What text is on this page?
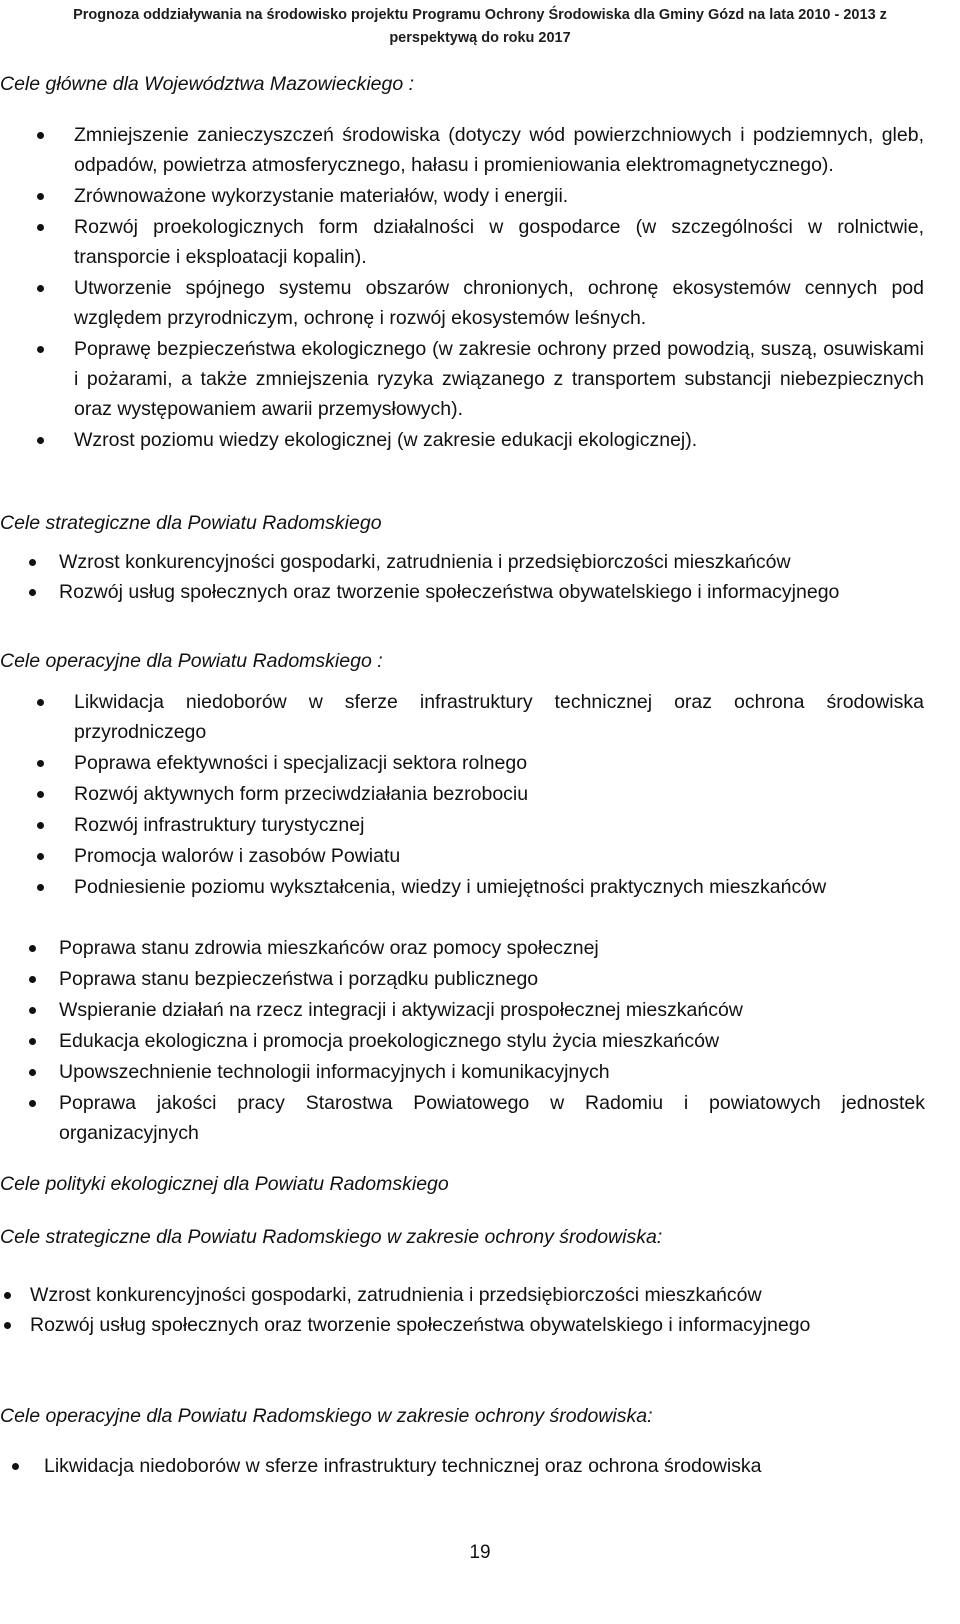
Prognoza oddziaływania na środowisko projektu Programu Ochrony Środowiska dla Gminy Gózd na lata 2010 - 2013 z
perspektywą do roku 2017
Cele główne dla Województwa Mazowieckiego :
Zmniejszenie zanieczyszczeń środowiska (dotyczy wód powierzchniowych i podziemnych, gleb, odpadów, powietrza atmosferycznego, hałasu i promieniowania elektromagnetycznego).
Zrównoważone wykorzystanie materiałów, wody i energii.
Rozwój proekologicznych form działalności w gospodarce (w szczególności w rolnictwie, transporcie i eksploatacji kopalin).
Utworzenie spójnego systemu obszarów chronionych, ochronę ekosystemów cennych pod względem przyrodniczym, ochronę i rozwój ekosystemów leśnych.
Poprawę bezpieczeństwa ekologicznego (w zakresie ochrony przed powodzią, suszą, osuwiskami i pożarami, a także zmniejszenia ryzyka związanego z transportem substancji niebezpiecznych oraz występowaniem awarii przemysłowych).
Wzrost poziomu wiedzy ekologicznej (w zakresie edukacji ekologicznej).
Cele strategiczne dla Powiatu Radomskiego
Wzrost konkurencyjności gospodarki, zatrudnienia i przedsiębiorczości mieszkańców
Rozwój usług społecznych oraz tworzenie społeczeństwa obywatelskiego i informacyjnego
Cele operacyjne dla Powiatu Radomskiego :
Likwidacja niedoborów w sferze infrastruktury technicznej oraz ochrona środowiska przyrodniczego
Poprawa efektywności i specjalizacji sektora rolnego
Rozwój aktywnych form przeciwdziałania bezrobociu
Rozwój infrastruktury turystycznej
Promocja walorów i zasobów Powiatu
Podniesienie poziomu wykształcenia, wiedzy i umiejętności praktycznych mieszkańców
Poprawa stanu zdrowia mieszkańców oraz pomocy społecznej
Poprawa stanu bezpieczeństwa i porządku publicznego
Wspieranie działań na rzecz integracji i aktywizacji prospołecznej mieszkańców
Edukacja ekologiczna i promocja proekologicznego stylu życia mieszkańców
Upowszechnienie technologii informacyjnych i komunikacyjnych
Poprawa jakości pracy Starostwa Powiatowego w Radomiu i powiatowych jednostek organizacyjnych
Cele polityki ekologicznej dla Powiatu Radomskiego
Cele strategiczne dla Powiatu Radomskiego w zakresie ochrony środowiska:
Wzrost konkurencyjności gospodarki, zatrudnienia i przedsiębiorczości mieszkańców
Rozwój usług społecznych oraz tworzenie społeczeństwa obywatelskiego i informacyjnego
Cele operacyjne dla Powiatu Radomskiego w zakresie ochrony środowiska:
Likwidacja niedoborów w sferze infrastruktury technicznej oraz ochrona środowiska
19
